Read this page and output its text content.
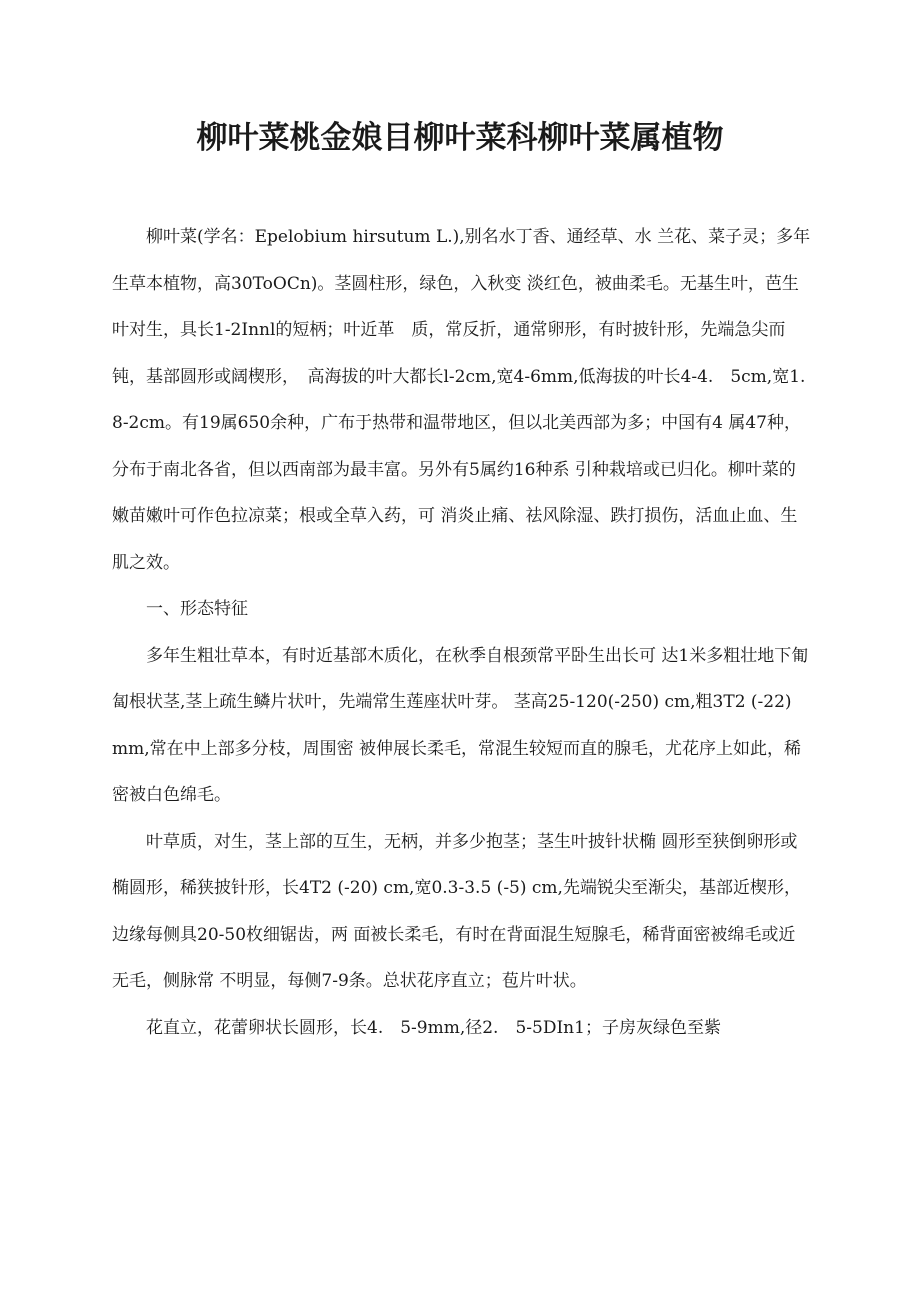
柳叶菜桃金娘目柳叶菜科柳叶菜属植物

柳叶菜(学名：Epelobium hirsutum L.),别名水丁香、通经草、水 兰花、菜子灵；多年生草本植物，高30ToOCn)。茎圆柱形，绿色，入秋变 淡红色，被曲柔毛。无基生叶，芭生叶对生，具长1-2Innl的短柄；叶近革　质，常反折，通常卵形，有时披针形，先端急尖而钝，基部圆形或阔楔形，　高海拔的叶大都长l-2cm,宽4-6mm,低海拔的叶长4-4.　5cm,宽1.　8-2cm。有19属650余种，广布于热带和温带地区，但以北美西部为多；中国有4 属47种，分布于南北各省，但以西南部为最丰富。另外有5属约16种系 引种栽培或已归化。柳叶菜的嫩苗嫩叶可作色拉凉菜；根或全草入药，可 消炎止痛、祛风除湿、跌打损伤，活血止血、生肌之效。

一、形态特征

多年生粗壮草本，有时近基部木质化，在秋季自根颈常平卧生出长可 达1米多粗壮地下匍匐根状茎,茎上疏生鳞片状叶，先端常生莲座状叶芽。 茎高25-120(-250) cm,粗3T2 (-22) mm,常在中上部多分枝，周围密 被伸展长柔毛，常混生较短而直的腺毛，尤花序上如此，稀密被白色绵毛。

叶草质，对生，茎上部的互生，无柄，并多少抱茎；茎生叶披针状椭 圆形至狭倒卵形或椭圆形，稀狭披针形，长4T2 (-20) cm,宽0.3-3.5 (-5) cm,先端锐尖至渐尖，基部近楔形，边缘每侧具20-50枚细锯齿，两 面被长柔毛，有时在背面混生短腺毛，稀背面密被绵毛或近无毛，侧脉常 不明显，每侧7-9条。总状花序直立；苞片叶状。

花直立，花蕾卵状长圆形，长4.　5-9mm,径2.　5-5DIn1；子房灰绿色至紫
